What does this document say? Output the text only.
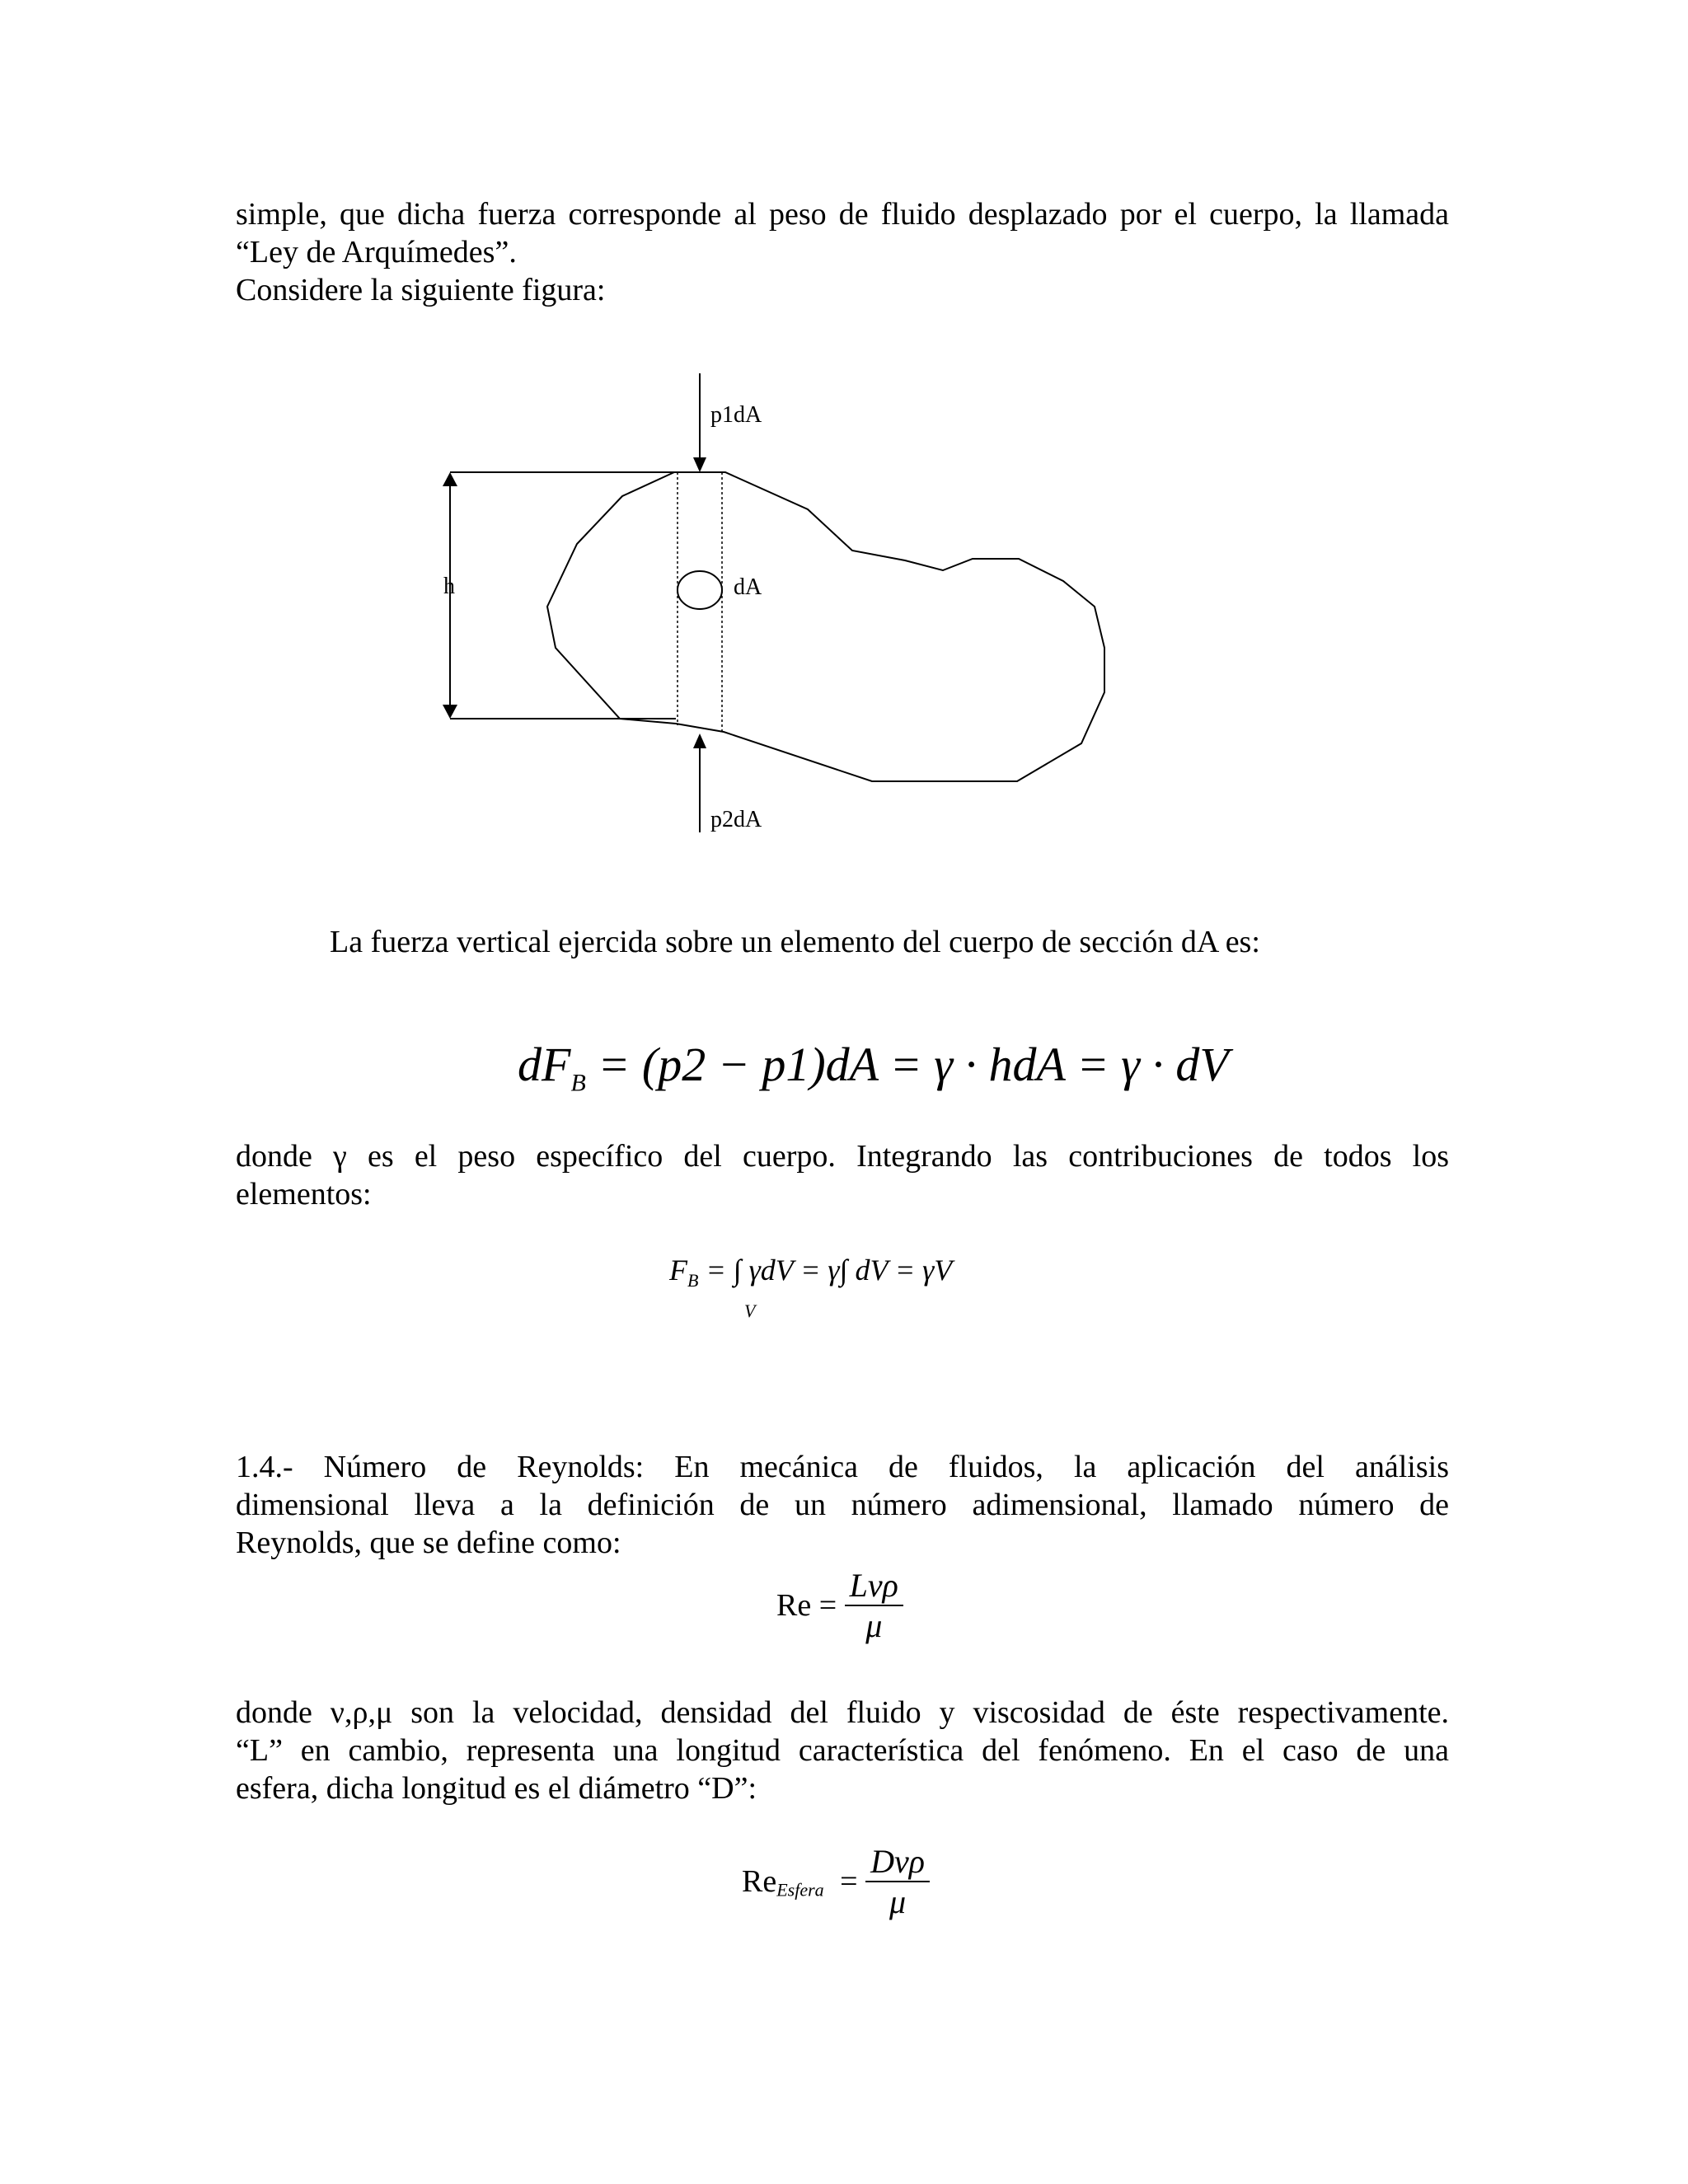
simple, que dicha fuerza corresponde al peso de fluido desplazado por el cuerpo, la llamada
“Ley de Arquímedes”.
Considere la siguiente figura:
p1dA
p2dA
h	dA
La fuerza vertical ejercida sobre un elemento del cuerpo de sección dA es:
$dF_B = (p2 - p1)dA = \gamma$ · hdA = γ · dV
donde γ es el peso específico del cuerpo. Integrando las contribuciones de todos los
elementos:
$F_B$ = ∫ γdV = γ∫ dV = γV
V
1.4.- Número de Reynolds: En mecánica de fluidos, la aplicación del análisis
dimensional lleva a la definición de un número adimensional, llamado número de
Reynolds, que se define como:
$Re = \frac{\text{Lvρ}}{\mu}$
donde ν,ρ,μ son la velocidad, densidad del fluido y viscosidad de éste respectivamente.
“L” en cambio, representa una longitud característica del fenómeno. En el caso de una
esfera, dicha longitud es el diámetro “D”:
$Re_{Esfera} = \frac{\text{Dvρ}}{\mu}$
